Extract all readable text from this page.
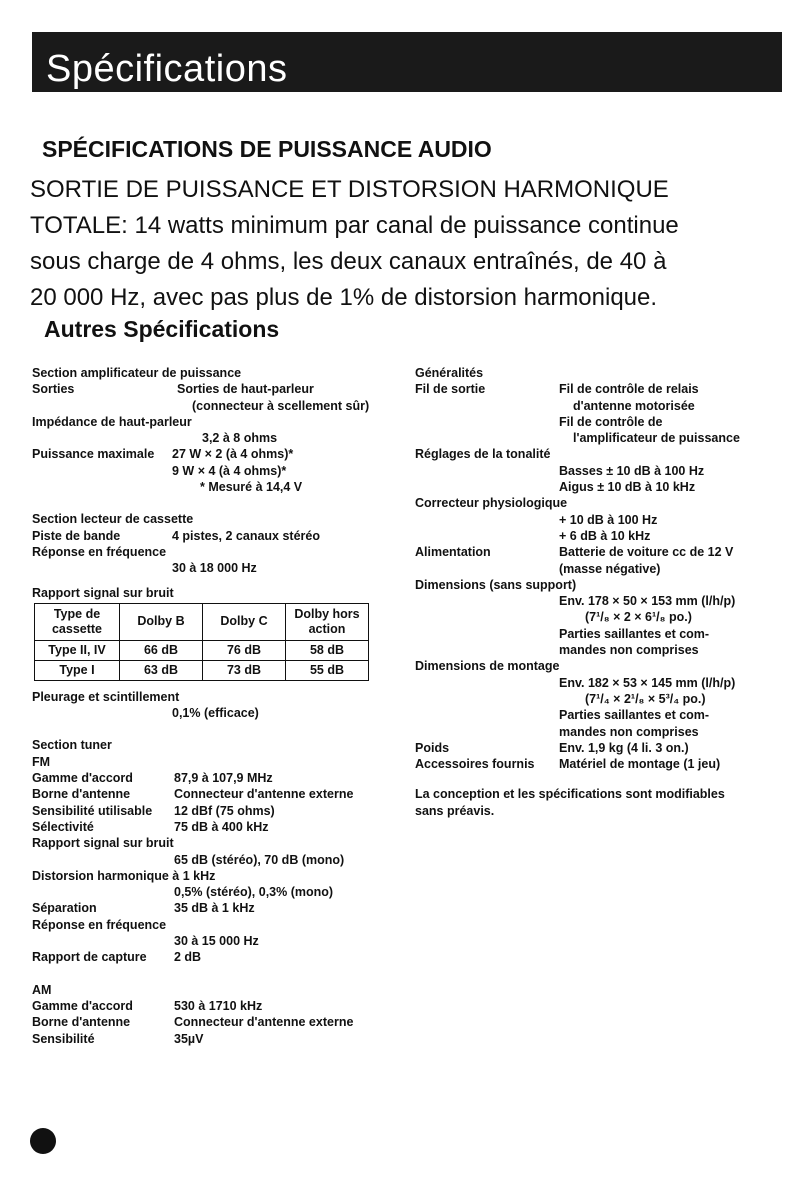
Spécifications
SPÉCIFICATIONS DE PUISSANCE AUDIO
SORTIE DE PUISSANCE ET DISTORSION HARMONIQUE
TOTALE: 14 watts minimum par canal de puissance continue
sous charge de 4 ohms, les deux canaux entraînés, de 40 à
20 000 Hz, avec pas plus de 1% de distorsion harmonique.
Autres Spécifications
Section amplificateur de puissance
Sorties	Sorties de haut-parleur
(connecteur à scellement sûr)
Impédance de haut-parleur
3,2 à 8 ohms
Puissance maximale	27 W × 2 (à 4 ohms)*
9 W × 4 (à 4 ohms)*
* Mesuré à 14,4 V
Section lecteur de cassette
Piste de bande	4 pistes, 2 canaux stéréo
Réponse en fréquence
30 à 18 000 Hz
Rapport signal sur bruit
Type de cassette	Dolby B	Dolby C	Dolby hors action
Type II, IV	66 dB	76 dB	58 dB
Type I	63 dB	73 dB	55 dB
Pleurage et scintillement
0,1% (efficace)
Section tuner
FM
Gamme d'accord	87,9 à 107,9 MHz
Borne d'antenne	Connecteur d'antenne externe
Sensibilité utilisable	12 dBf (75 ohms)
Sélectivité	75 dB à 400 kHz
Rapport signal sur bruit
65 dB (stéréo), 70 dB (mono)
Distorsion harmonique à 1 kHz
0,5% (stéréo), 0,3% (mono)
Séparation	35 dB à 1 kHz
Réponse en fréquence
30 à 15 000 Hz
Rapport de capture	2 dB
AM
Gamme d'accord	530 à 1710 kHz
Borne d'antenne	Connecteur d'antenne externe
Sensibilité	35µV
Généralités
Fil de sortie	Fil de contrôle de relais
d'antenne motorisée
Fil de contrôle de
l'amplificateur de puissance
Réglages de la tonalité
Basses ± 10 dB à 100 Hz
Aigus ± 10 dB à 10 kHz
Correcteur physiologique
+ 10 dB à 100 Hz
+ 6 dB à 10 kHz
Alimentation	Batterie de voiture cc de 12 V
(masse négative)
Dimensions (sans support)
Env. 178 × 50 × 153 mm (l/h/p)
(7¹/₈ × 2 × 6¹/₈ po.)
Parties saillantes et com-
mandes non comprises
Dimensions de montage
Env. 182 × 53 × 145 mm (l/h/p)
(7¹/₄ × 2¹/₈ × 5³/₄ po.)
Parties saillantes et com-
mandes non comprises
Poids	Env. 1,9 kg (4 li. 3 on.)
Accessoires fournis	Matériel de montage (1 jeu)
La conception et les spécifications sont modifiables
sans préavis.
